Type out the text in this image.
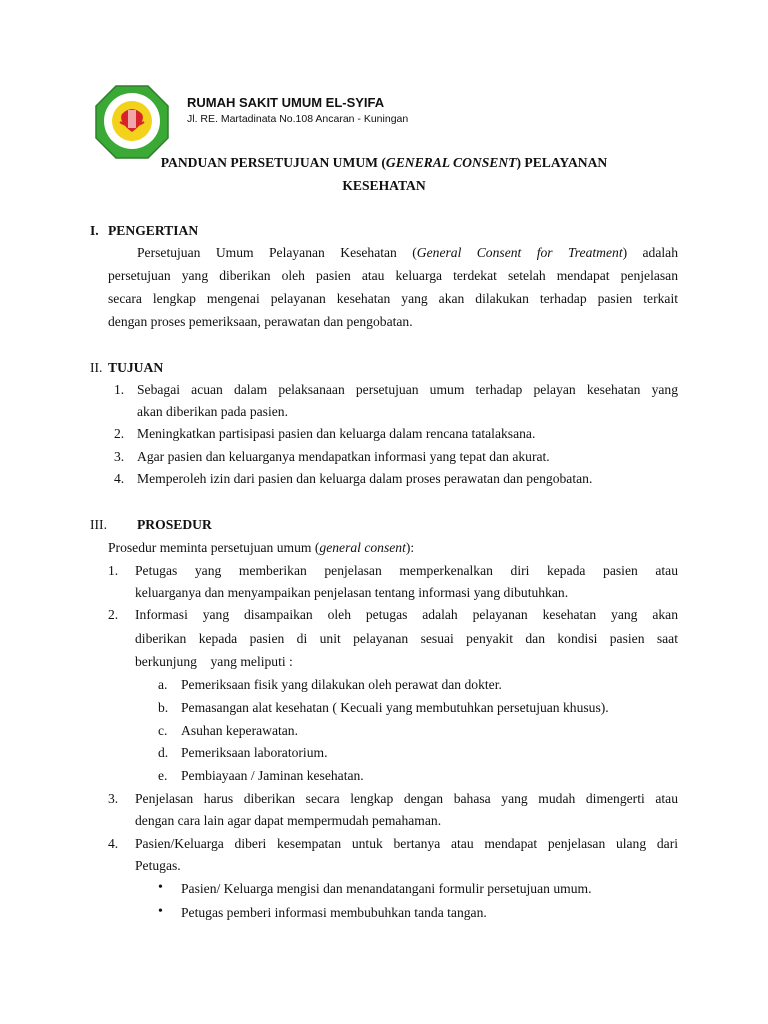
RUMAH SAKIT UMUM EL-SYIFA
Jl. RE. Martadinata No.108 Ancaran - Kuningan
PANDUAN PERSETUJUAN UMUM (GENERAL CONSENT) PELAYANAN
KESEHATAN
I. PENGERTIAN
Persetujuan Umum Pelayanan Kesehatan (General Consent for Treatment) adalah
persetujuan yang diberikan oleh pasien atau keluarga terdekat setelah mendapat penjelasan
secara lengkap mengenai pelayanan kesehatan yang akan dilakukan terhadap pasien terkait
dengan proses pemeriksaan, perawatan dan pengobatan.
II. TUJUAN
1. Sebagai acuan dalam pelaksanaan persetujuan umum terhadap pelayan kesehatan yang
akan diberikan pada pasien.
2. Meningkatkan partisipasi pasien dan keluarga dalam rencana tatalaksana.
3. Agar pasien dan keluarganya mendapatkan informasi yang tepat dan akurat.
4. Memperoleh izin dari pasien dan keluarga dalam proses perawatan dan pengobatan.
III. PROSEDUR
Prosedur meminta persetujuan umum (general consent):
1. Petugas yang memberikan penjelasan memperkenalkan diri kepada pasien atau
keluarganya dan menyampaikan penjelasan tentang informasi yang dibutuhkan.
2. Informasi yang disampaikan oleh petugas adalah pelayanan kesehatan yang akan
diberikan kepada pasien di unit pelayanan sesuai penyakit dan kondisi pasien saat
berkunjung    yang meliputi :
a. Pemeriksaan fisik yang dilakukan oleh perawat dan dokter.
b. Pemasangan alat kesehatan ( Kecuali yang membutuhkan persetujuan khusus).
c. Asuhan keperawatan.
d. Pemeriksaan laboratorium.
e. Pembiayaan / Jaminan kesehatan.
3. Penjelasan harus diberikan secara lengkap dengan bahasa yang mudah dimengerti atau
dengan cara lain agar dapat mempermudah pemahaman.
4. Pasien/Keluarga diberi kesempatan untuk bertanya atau mendapat penjelasan ulang dari
Petugas.
• Pasien/ Keluarga mengisi dan menandatangani formulir persetujuan umum.
• Petugas pemberi informasi membubuhkan tanda tangan.
